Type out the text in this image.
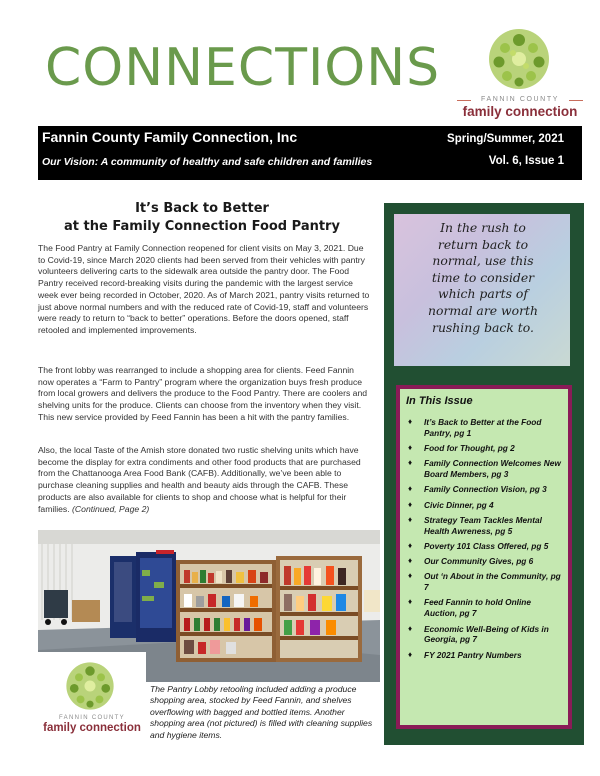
CONNECTIONS
FANNIN COUNTY
family connection
Fannin County Family Connection, Inc	Spring/Summer, 2021
Our Vision: A community of healthy and safe children and families	Vol. 6, Issue 1
It’s Back to Better
at the Family Connection Food Pantry

The Food Pantry at Family Connection reopened for client visits on May 3, 2021. Due to Covid-19, since March 2020 clients had been served from their vehicles with pantry volunteers delivering carts to the sidewalk area outside the pantry door. The Food Pantry received record-breaking visits during the pandemic with the largest service week ever being recorded in October, 2020. As of March 2021, pantry visits returned to just above normal numbers and with the reduced rate of Covid-19, staff and volunteers were ready to return to “back to better” operations. Before the doors opened, staff retooled and implemented improvements.

The front lobby was rearranged to include a shopping area for clients. Feed Fannin now operates a “Farm to Pantry” program where the organization buys fresh produce from local growers and delivers the produce to the Food Pantry. There are coolers and shelving units for the produce. Clients can choose from the inventory when they visit. This new service provided by Feed Fannin has been a hit with the pantry families.

Also, the local Taste of the Amish store donated two rustic shelving units which have become the display for extra condiments and other food products that are purchased from the Chattanooga Area Food Bank (CAFB). Additionally, we’ve been able to purchase cleaning supplies and health and beauty aids through the CAFB. These products are also available for clients to shop and choose what is helpful for their families. (Continued, Page 2)

FANNIN COUNTY
family connection

The Pantry Lobby retooling included adding a produce shopping area, stocked by Feed Fannin, and shelves overflowing with bagged and bottled items. Another shopping area (not pictured) is filled with cleaning supplies and hygiene items.

In the rush to
return back to
normal, use this
time to consider
which parts of
normal are worth
rushing back to.
In This Issue
♦ It’s Back to Better at the Food Pantry, pg 1
♦ Food for Thought, pg 2
♦ Family Connection Welcomes New Board Members, pg 3
♦ Family Connection Vision, pg 3
♦ Civic Dinner, pg 4
♦ Strategy Team Tackles Mental Health Awreness, pg 5
♦ Poverty 101 Class Offered, pg 5
♦ Our Community Gives, pg 6
♦ Out ‘n About in the Community, pg 7
♦ Feed Fannin to hold Online Auction, pg 7
♦ Economic Well-Being of Kids in Georgia, pg 7
♦ FY 2021 Pantry Numbers
